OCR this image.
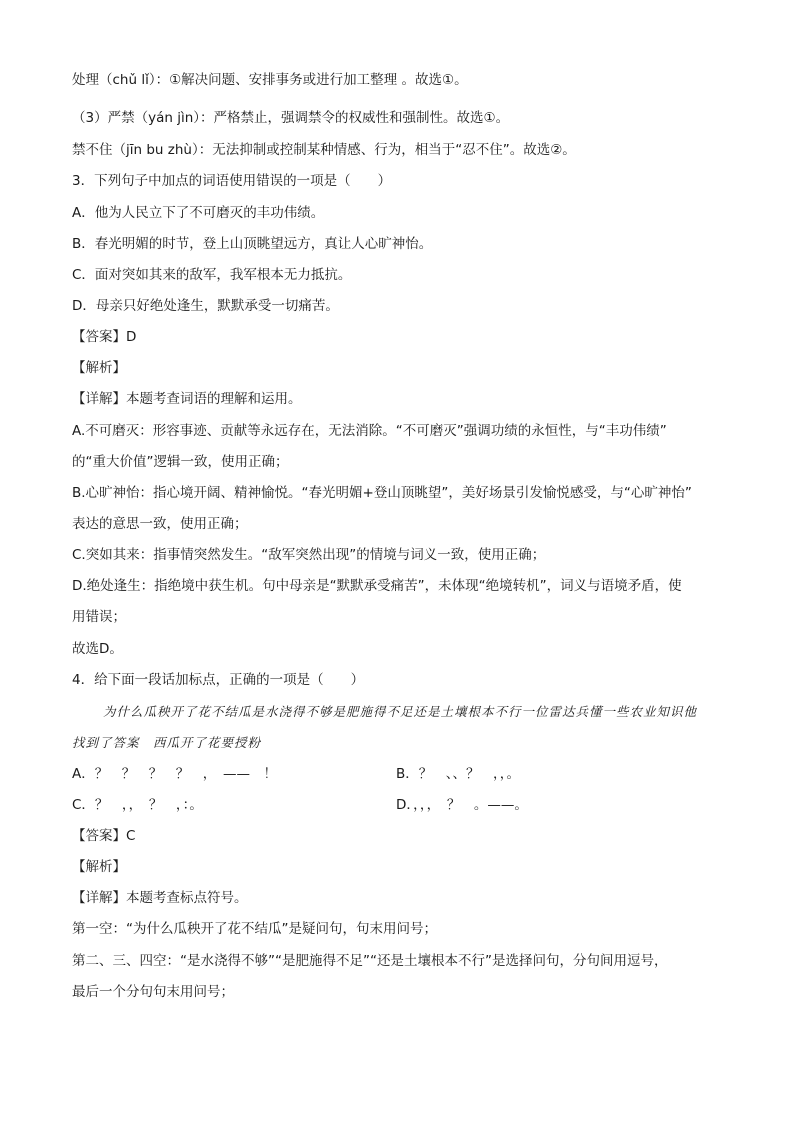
处理（chǔ lǐ）：①解决问题、安排事务或进行加工整理 。故选①。
（3）严禁（yán jìn）：严格禁止，强调禁令的权威性和强制性。故选①。
禁不住（jīn bu zhù）：无法抑制或控制某种情感、行为，相当于“忍不住”。故选②。
3．下列句子中加点的词语使用错误的一项是（　　）
A．他为人民立下了不可磨灭的丰功伟绩。
B．春光明媚的时节，登上山顶眺望远方，真让人心旷神怡。
C．面对突如其来的敌军，我军根本无力抵抗。
D．母亲只好绝处逢生，默默承受一切痛苦。
【答案】D
【解析】
【详解】本题考查词语的理解和运用。
A.不可磨灭：形容事迹、贡献等永远存在，无法消除。“不可磨灭”强调功绩的永恒性，与“丰功伟绩”
的“重大价值”逻辑一致，使用正确；
B.心旷神怡：指心境开阔、精神愉悦。“春光明媚+登山顶眺望”，美好场景引发愉悦感受，与“心旷神怡”
表达的意思一致，使用正确；
C.突如其来：指事情突然发生。“敌军突然出现”的情境与词义一致，使用正确；
D.绝处逢生：指绝境中获生机。句中母亲是“默默承受痛苦”，未体现“绝境转机”，词义与语境矛盾，使
用错误；
故选D。
4．给下面一段话加标点，正确的一项是（　　）
为什么瓜秧开了花不结瓜是水浇得不够是肥施得不足还是土壤根本不行一位雷达兵懂一些农业知识他
找到了答案　西瓜开了花要授粉
A．？　？　？　？　，　——　！	B．？　、、？　，，。
C．？　，，　？　，：。	D．，，，　？　。——。
【答案】C
【解析】
【详解】本题考查标点符号。
第一空：“为什么瓜秧开了花不结瓜”是疑问句，句末用问号；
第二、三、四空：“是水浇得不够”“是肥施得不足”“还是土壤根本不行”是选择问句，分句间用逗号，
最后一个分句句末用问号；
